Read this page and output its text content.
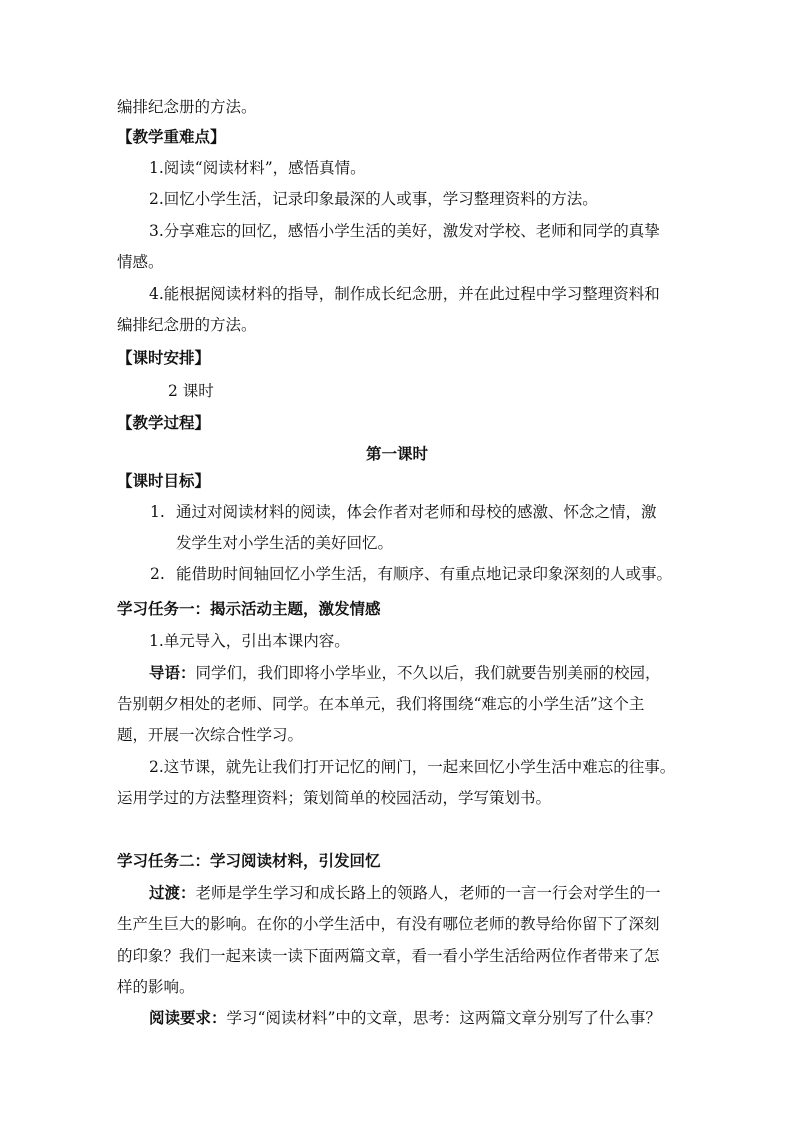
编排纪念册的方法。
【教学重难点】
1.阅读“阅读材料”，感悟真情。
2.回忆小学生活，记录印象最深的人或事，学习整理资料的方法。
3.分享难忘的回忆，感悟小学生活的美好，激发对学校、老师和同学的真挚
情感。
4.能根据阅读材料的指导，制作成长纪念册，并在此过程中学习整理资料和
编排纪念册的方法。
【课时安排】
2 课时
【教学过程】
第一课时
【课时目标】
1. 通过对阅读材料的阅读，体会作者对老师和母校的感激、怀念之情，激
发学生对小学生活的美好回忆。
2. 能借助时间轴回忆小学生活，有顺序、有重点地记录印象深刻的人或事。
学习任务一：揭示活动主题，激发情感
1.单元导入，引出本课内容。
导语：同学们，我们即将小学毕业，不久以后，我们就要告别美丽的校园，
告别朝夕相处的老师、同学。在本单元，我们将围绕“难忘的小学生活”这个主
题，开展一次综合性学习。
2.这节课，就先让我们打开记忆的闸门，一起来回忆小学生活中难忘的往事。
运用学过的方法整理资料；策划简单的校园活动，学写策划书。
学习任务二：学习阅读材料，引发回忆
过渡：老师是学生学习和成长路上的领路人，老师的一言一行会对学生的一
生产生巨大的影响。在你的小学生活中，有没有哪位老师的教导给你留下了深刻
的印象？我们一起来读一读下面两篇文章，看一看小学生活给两位作者带来了怎
样的影响。
阅读要求：学习“阅读材料”中的文章，思考：这两篇文章分别写了什么事？
